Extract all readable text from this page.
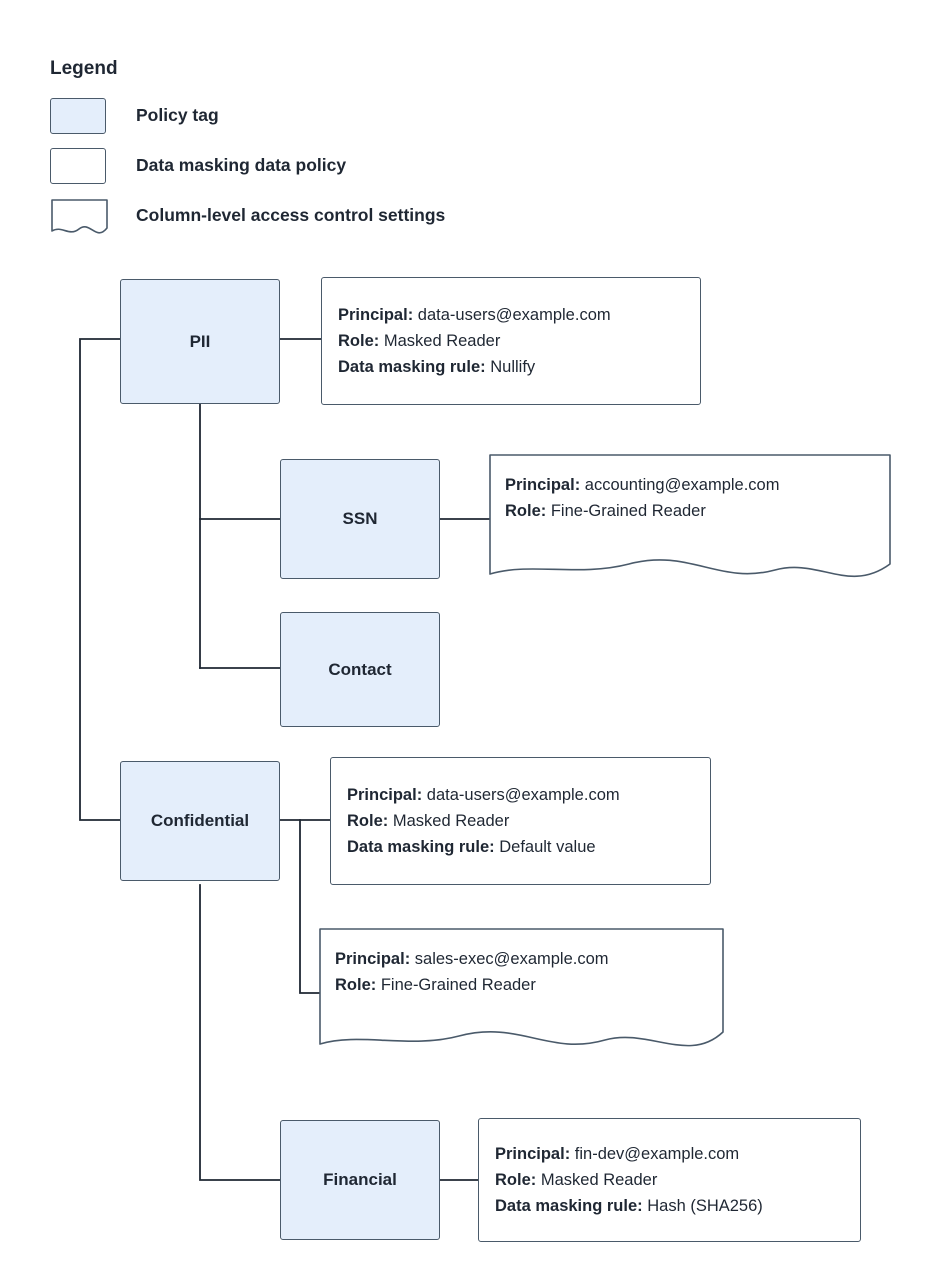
Legend
Policy tag
Data masking data policy
Column-level access control settings
PII
SSN
Contact
Confidential
Financial
Principal: data-users@example.com
Role: Masked Reader
Data masking rule: Nullify
Principal: accounting@example.com
Role: Fine-Grained Reader
Principal: data-users@example.com
Role: Masked Reader
Data masking rule: Default value
Principal: sales-exec@example.com
Role: Fine-Grained Reader
Principal: fin-dev@example.com
Role: Masked Reader
Data masking rule: Hash (SHA256)
